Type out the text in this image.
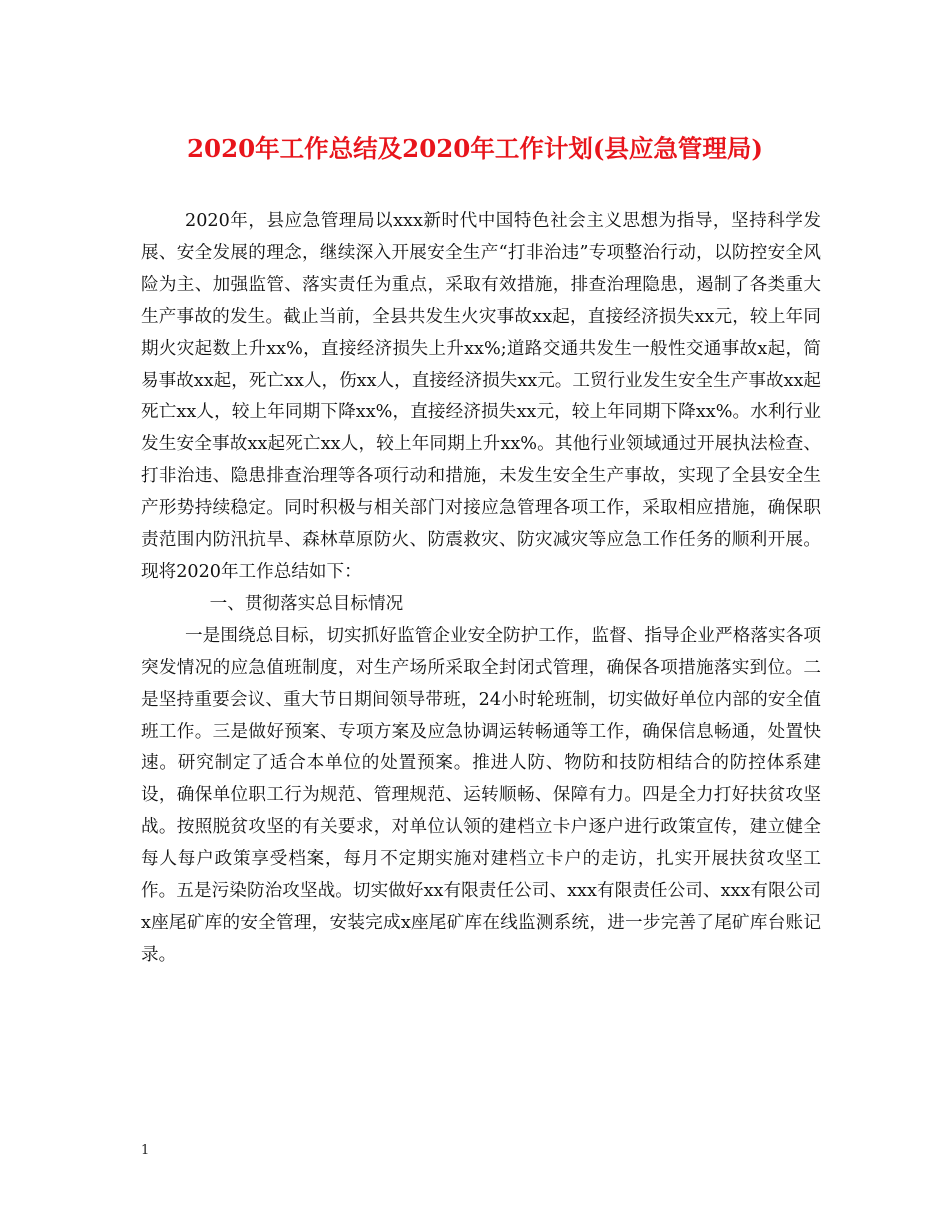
2020年工作总结及2020年工作计划(县应急管理局)

2020年，县应急管理局以xxx新时代中国特色社会主义思想为指导，坚持科学发展、安全发展的理念，继续深入开展安全生产“打非治违”专项整治行动，以防控安全风险为主、加强监管、落实责任为重点，采取有效措施，排查治理隐患，遏制了各类重大生产事故的发生。截止当前，全县共发生火灾事故xx起，直接经济损失xx元，较上年同期火灾起数上升xx%，直接经济损失上升xx%;道路交通共发生一般性交通事故x起，简易事故xx起，死亡xx人，伤xx人，直接经济损失xx元。工贸行业发生安全生产事故xx起死亡xx人，较上年同期下降xx%，直接经济损失xx元，较上年同期下降xx%。水利行业发生安全事故xx起死亡xx人，较上年同期上升xx%。其他行业领域通过开展执法检查、打非治违、隐患排查治理等各项行动和措施，未发生安全生产事故，实现了全县安全生产形势持续稳定。同时积极与相关部门对接应急管理各项工作，采取相应措施，确保职责范围内防汛抗旱、森林草原防火、防震救灾、防灾减灾等应急工作任务的顺利开展。现将2020年工作总结如下：

一、贯彻落实总目标情况

一是围绕总目标，切实抓好监管企业安全防护工作，监督、指导企业严格落实各项突发情况的应急值班制度，对生产场所采取全封闭式管理，确保各项措施落实到位。二是坚持重要会议、重大节日期间领导带班，24小时轮班制，切实做好单位内部的安全值班工作。三是做好预案、专项方案及应急协调运转畅通等工作，确保信息畅通，处置快速。研究制定了适合本单位的处置预案。推进人防、物防和技防相结合的防控体系建设，确保单位职工行为规范、管理规范、运转顺畅、保障有力。四是全力打好扶贫攻坚战。按照脱贫攻坚的有关要求，对单位认领的建档立卡户逐户进行政策宣传，建立健全每人每户政策享受档案，每月不定期实施对建档立卡户的走访，扎实开展扶贫攻坚工作。五是污染防治攻坚战。切实做好xx有限责任公司、xxx有限责任公司、xxx有限公司x座尾矿库的安全管理，安装完成x座尾矿库在线监测系统，进一步完善了尾矿库台账记录。

1
